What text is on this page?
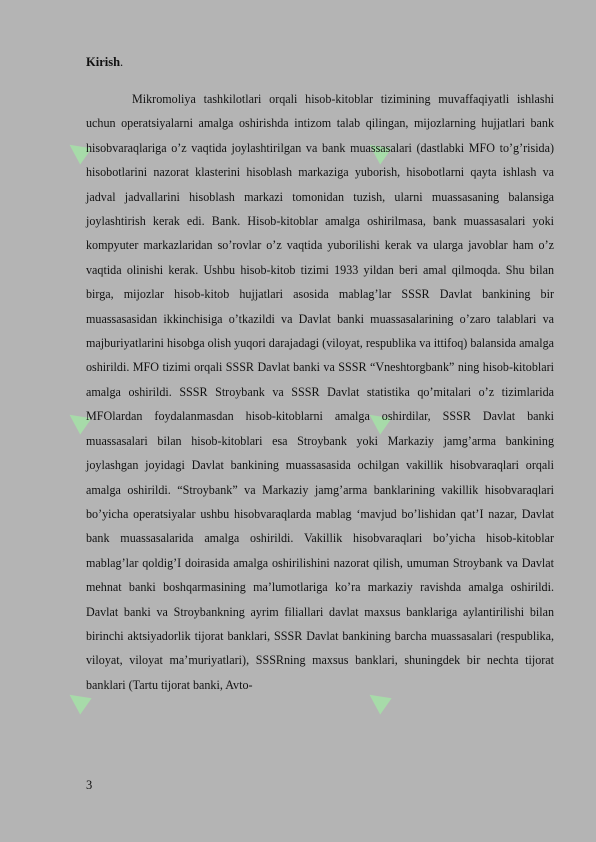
▲	▲
▲	▲
▲	▲
Kirish.

Mikromoliya tashkilotlari orqali hisob-kitoblar tizimining muvaffaqiyatli ishlashi uchun operatsiyalarni amalga oshirishda intizom talab qilingan, mijozlarning hujjatlari bank hisobvaraqlariga o’z vaqtida joylashtirilgan va bank muassasalari (dastlabki MFO to’g’risida) hisobotlarini nazorat klasterini hisoblash markaziga yuborish, hisobotlarni qayta ishlash va jadval jadvallarini hisoblash markazi tomonidan tuzish, ularni muassasaning balansiga joylashtirish kerak edi. Bank. Hisob-kitoblar amalga oshirilmasa, bank muassasalari yoki kompyuter markazlaridan so’rovlar o’z vaqtida yuborilishi kerak va ularga javoblar ham o’z vaqtida olinishi kerak. Ushbu hisob-kitob tizimi 1933 yildan beri amal qilmoqda. Shu bilan birga, mijozlar hisob-kitob hujjatlari asosida mablag’lar SSSR Davlat bankining bir muassasasidan ikkinchisiga o’tkazildi va Davlat banki muassasalarining o’zaro talablari va majburiyatlarini hisobga olish yuqori darajadagi (viloyat, respublika va ittifoq) balansida amalga oshirildi. MFO tizimi orqali SSSR Davlat banki va SSSR “Vneshtorgbank” ning hisob-kitoblari amalga oshirildi. SSSR Stroybank va SSSR Davlat statistika qo’mitalari o’z tizimlarida MFOlardan foydalanmasdan hisob-kitoblarni amalga oshirdilar, SSSR Davlat banki muassasalari bilan hisob-kitoblari esa Stroybank yoki Markaziy jamg’arma bankining joylashgan joyidagi Davlat bankining muassasasida ochilgan vakillik hisobvaraqlari orqali amalga oshirildi. “Stroybank” va Markaziy jamg’arma banklarining vakillik hisobvaraqlari bo’yicha operatsiyalar ushbu hisobvaraqlarda mablag ‘mavjud bo’lishidan qat’I nazar, Davlat bank muassasalarida amalga oshirildi. Vakillik hisobvaraqlari bo’yicha hisob-kitoblar mablag’lar qoldig’I doirasida amalga oshirilishini nazorat qilish, umuman Stroybank va Davlat mehnat banki boshqarmasining ma’lumotlariga ko’ra markaziy ravishda amalga oshirildi. Davlat banki va Stroybankning ayrim filiallari davlat maxsus banklariga aylantirilishi bilan birinchi aktsiyadorlik tijorat banklari, SSSR Davlat bankining barcha muassasalari (respublika, viloyat, viloyat ma’muriyatlari), SSSRning maxsus banklari, shuningdek bir nechta tijorat banklari (Tartu tijorat banki, Avto-

3
